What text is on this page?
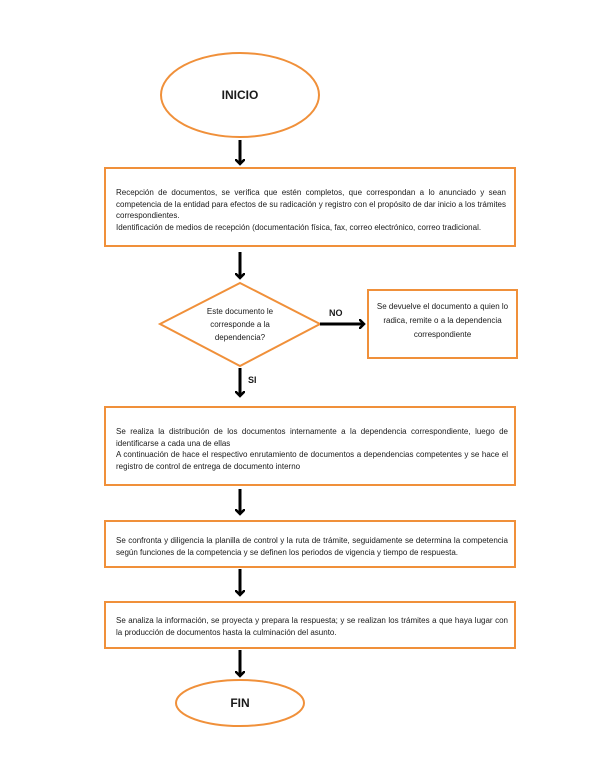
INICIO
Recepción de documentos, se verifica que estén completos, que correspondan a lo anunciado y sean competencia de la entidad para efectos de su radicación y registro con el propósito de dar inicio a los trámites correspondientes.
Identificación de medios de recepción (documentación física, fax, correo electrónico, correo tradicional.
Este documento le corresponde a la dependencia?
NO
Se devuelve el documento a quien lo radica, remite o a la dependencia correspondiente
SI
Se realiza la distribución de los documentos internamente a la dependencia correspondiente, luego de identificarse a cada una de ellas
A continuación de hace el respectivo enrutamiento de documentos a dependencias competentes y se hace el registro de control de entrega de documento interno
Se confronta y diligencia la planilla de control y la ruta de trámite, seguidamente se determina la competencia según funciones de la competencia y se definen los periodos de vigencia y tiempo de respuesta.
Se analiza la información, se proyecta y prepara la respuesta; y se realizan los trámites a que haya lugar con la producción de documentos hasta la culminación del asunto.
FIN
